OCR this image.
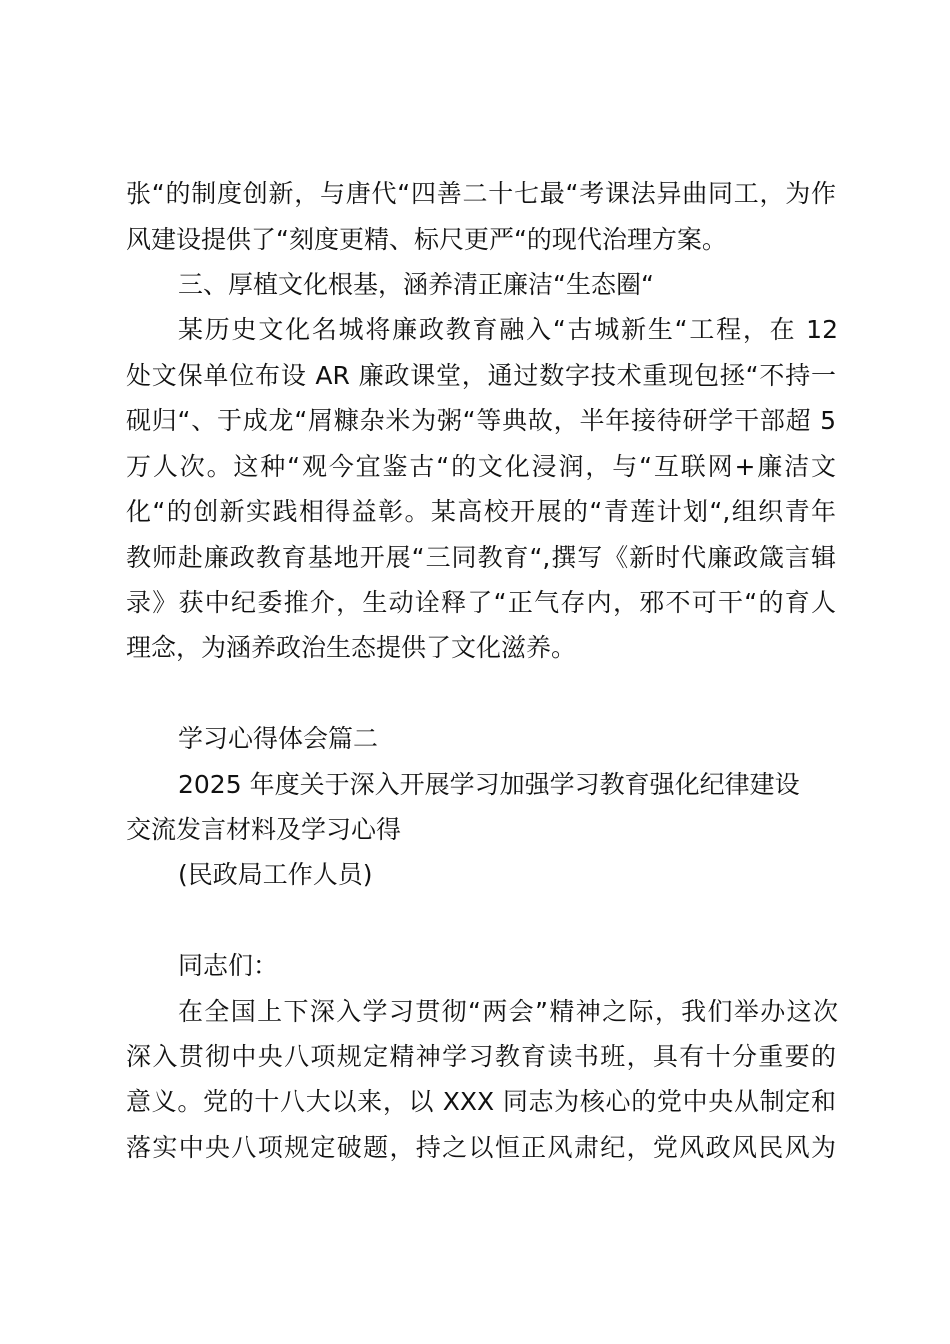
张“的制度创新，与唐代“四善二十七最“考课法异曲同工，为作
风建设提供了“刻度更精、标尺更严“的现代治理方案。
三、厚植文化根基，涵养清正廉洁“生态圈“
某历史文化名城将廉政教育融入“古城新生“工程，在 12
处文保单位布设 AR 廉政课堂，通过数字技术重现包拯“不持一
砚归“、于成龙“屑糠杂米为粥“等典故，半年接待研学干部超 5
万人次。这种“观今宜鉴古“的文化浸润，与“互联网+廉洁文
化“的创新实践相得益彰。某高校开展的“青莲计划“,组织青年
教师赴廉政教育基地开展“三同教育“,撰写《新时代廉政箴言辑
录》获中纪委推介，生动诠释了“正气存内，邪不可干“的育人
理念，为涵养政治生态提供了文化滋养。
学习心得体会篇二
2025 年度关于深入开展学习加强学习教育强化纪律建设
交流发言材料及学习心得
(民政局工作人员)
同志们：
在全国上下深入学习贯彻“两会”精神之际，我们举办这次
深入贯彻中央八项规定精神学习教育读书班，具有十分重要的
意义。党的十八大以来，以 XXX 同志为核心的党中央从制定和
落实中央八项规定破题，持之以恒正风肃纪，党风政风民风为
